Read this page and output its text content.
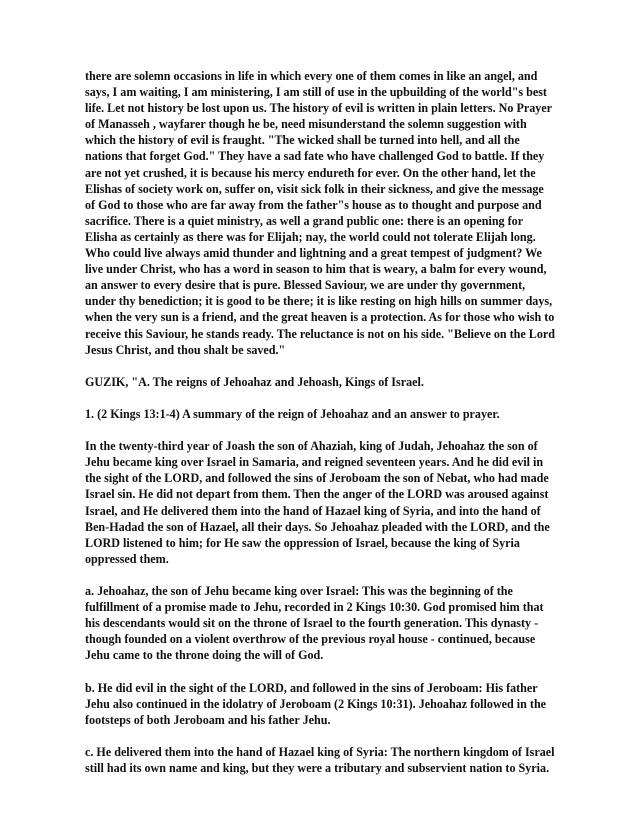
there are solemn occasions in life in which every one of them comes in like an angel, and says, I am waiting, I am ministering, I am still of use in the upbuilding of the world"s best life. Let not history be lost upon us. The history of evil is written in plain letters. No Prayer of Manasseh , wayfarer though he be, need misunderstand the solemn suggestion with which the history of evil is fraught. "The wicked shall be turned into hell, and all the nations that forget God." They have a sad fate who have challenged God to battle. If they are not yet crushed, it is because his mercy endureth for ever. On the other hand, let the Elishas of society work on, suffer on, visit sick folk in their sickness, and give the message of God to those who are far away from the father"s house as to thought and purpose and sacrifice. There is a quiet ministry, as well a grand public one: there is an opening for Elisha as certainly as there was for Elijah; nay, the world could not tolerate Elijah long. Who could live always amid thunder and lightning and a great tempest of judgment? We live under Christ, who has a word in season to him that is weary, a balm for every wound, an answer to every desire that is pure. Blessed Saviour, we are under thy government, under thy benediction; it is good to be there; it is like resting on high hills on summer days, when the very sun is a friend, and the great heaven is a protection. As for those who wish to receive this Saviour, he stands ready. The reluctance is not on his side. "Believe on the Lord Jesus Christ, and thou shalt be saved."

GUZIK, "A. The reigns of Jehoahaz and Jehoash, Kings of Israel.

1. (2 Kings 13:1-4) A summary of the reign of Jehoahaz and an answer to prayer.

In the twenty-third year of Joash the son of Ahaziah, king of Judah, Jehoahaz the son of Jehu became king over Israel in Samaria, and reigned seventeen years. And he did evil in the sight of the LORD, and followed the sins of Jeroboam the son of Nebat, who had made Israel sin. He did not depart from them. Then the anger of the LORD was aroused against Israel, and He delivered them into the hand of Hazael king of Syria, and into the hand of Ben-Hadad the son of Hazael, all their days. So Jehoahaz pleaded with the LORD, and the LORD listened to him; for He saw the oppression of Israel, because the king of Syria oppressed them.

a. Jehoahaz, the son of Jehu became king over Israel: This was the beginning of the fulfillment of a promise made to Jehu, recorded in 2 Kings 10:30. God promised him that his descendants would sit on the throne of Israel to the fourth generation. This dynasty - though founded on a violent overthrow of the previous royal house - continued, because Jehu came to the throne doing the will of God.

b. He did evil in the sight of the LORD, and followed in the sins of Jeroboam: His father Jehu also continued in the idolatry of Jeroboam (2 Kings 10:31). Jehoahaz followed in the footsteps of both Jeroboam and his father Jehu.

c. He delivered them into the hand of Hazael king of Syria: The northern kingdom of Israel still had its own name and king, but they were a tributary and subservient nation to Syria.
